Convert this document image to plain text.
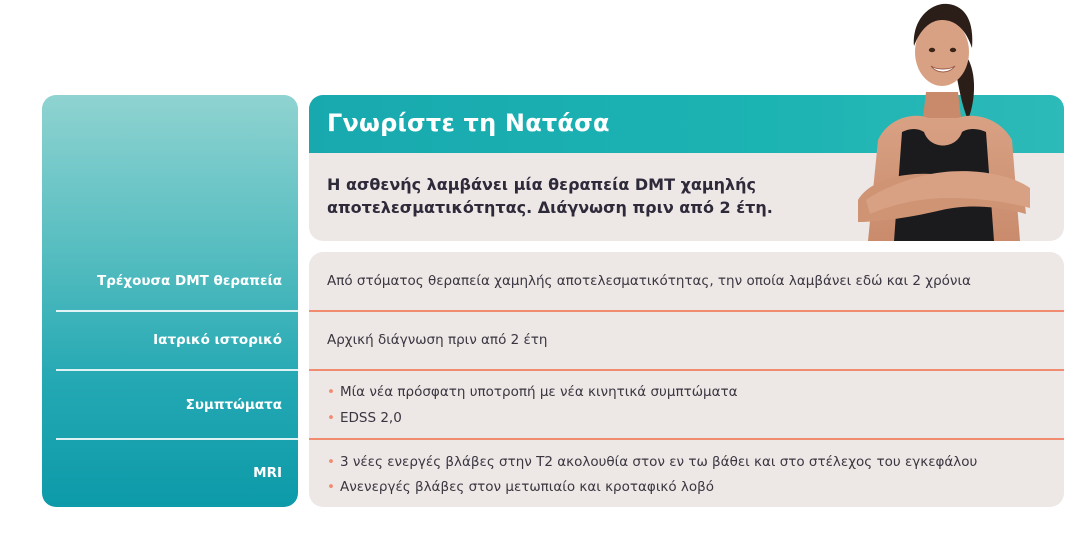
Τρέχουσα DMT θεραπεία
Ιατρικό ιστορικό
Συμπτώματα
MRI
Γνωρίστε τη Νατάσα
Η ασθενής λαμβάνει μία θεραπεία DMT χαμηλής αποτελεσματικότητας. Διάγνωση πριν από 2 έτη.
Από στόματος θεραπεία χαμηλής αποτελεσματικότητας, την οποία λαμβάνει εδώ και 2 χρόνια
Αρχική διάγνωση πριν από 2 έτη
• Μία νέα πρόσφατη υποτροπή με νέα κινητικά συμπτώματα
• EDSS 2,0
• 3 νέες ενεργές βλάβες στην T2 ακολουθία στον εν τω βάθει και στο στέλεχος του εγκεφάλου
• Ανενεργές βλάβες στον μετωπιαίο και κροταφικό λοβό
